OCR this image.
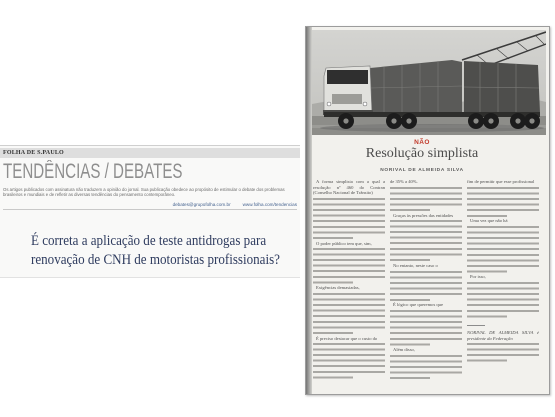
FOLHA DE S.PAULO
TENDÊNCIAS / DEBATES

Os artigos publicados com assinatura não traduzem a opinião do jornal. Sua publicação obedece ao propósito de estimular o debate dos problemas brasileiros e mundiais e de refletir as diversas tendências do pensamento contemporâneo.

debates@grupofolha.com.br	www.folha.com/tendencias
É correta a aplicação de teste antidrogas para
renovação de CNH de motoristas profissionais?
NÃO
Resolução simplista
NORIVAL DE ALMEIDA SILVA

A forma simplista com a qual a resolução nº 460 do Contran (Conselho Nacional de Trânsito)

O poder público tem que, sim,

Exigências demasiadas,

É preciso destacar que o custo do

de 35% a 40%.

Graças às pressões das entidades

No entanto, neste caso o

É lógico que queremos que

Além disso,

fim de permitir que esse profissional

Uma vez que não há

Por isso,

NORIVAL DE ALMEIDA SILVA é presidente da Federação
